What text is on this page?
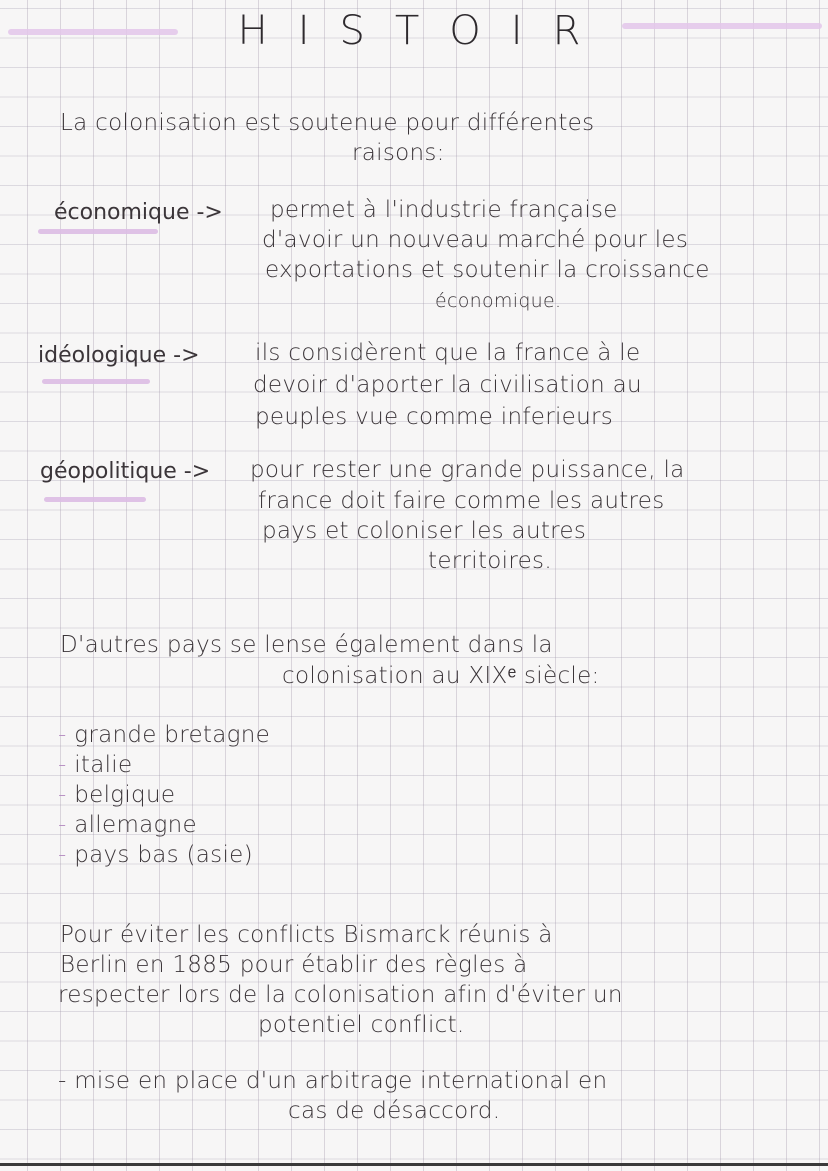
HISTOIR
La colonisation est soutenue pour différentes
raisons:
économique -> permet à l'industrie française
d'avoir un nouveau marché pour les
exportations et soutenir la croissance
économique.
idéologique -> ils considèrent que la france à le
devoir d'aporter la civilisation au
peuples vue comme inferieurs
géopolitique -> pour rester une grande puissance, la
france doit faire comme les autres
pays et coloniser les autres
territoires.
D'autres pays se lense également dans la
colonisation au XIXᵉ siècle:
- grande bretagne
- italie
- belgique
- allemagne
- pays bas (asie)
Pour éviter les conflicts Bismarck réunis à
Berlin en 1885 pour établir des règles à
respecter lors de la colonisation afin d'éviter un
potentiel conflict.
- mise en place d'un arbitrage international en
cas de désaccord.
